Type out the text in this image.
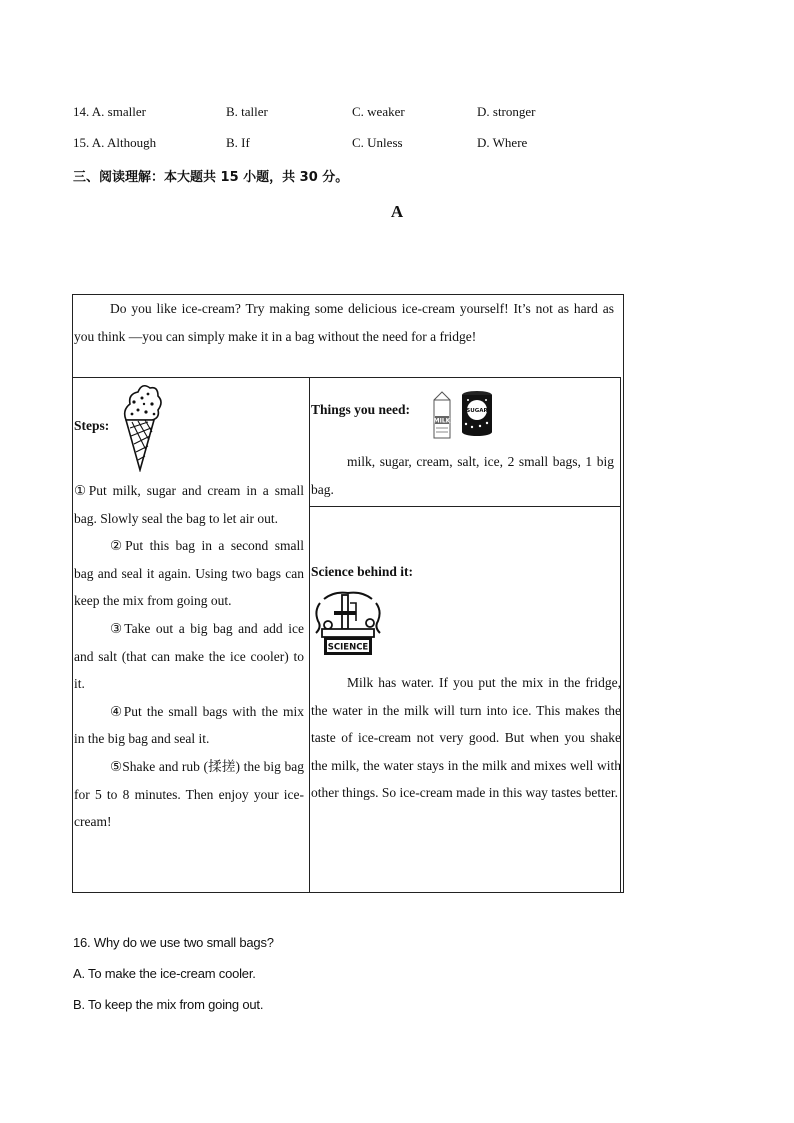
14. A. smaller	B. taller	C. weaker	D. stronger
15. A. Although	B. If	C. Unless	D. Where
三、阅读理解：本大题共 15 小题，共 30 分。
A
Do you like ice-cream? Try making some delicious ice-cream yourself! It’s not as hard as you think —you can simply make it in a bag without the need for a fridge!
Steps:

①Put milk, sugar and cream in a small bag. Slowly seal the bag to let air out.

②Put this bag in a second small bag and seal it again. Using two bags can keep the mix from going out.

③Take out a big bag and add ice and salt (that can make the ice cooler) to it.

④Put the small bags with the mix in the big bag and seal it.

⑤Shake and rub (揉搓) the big bag for 5 to 8 minutes. Then enjoy your ice-cream!

Things you need:
MILK
SUGAR
milk, sugar, cream, salt, ice, 2 small bags, 1 big bag.
Science behind it:
SCIENCE
Milk has water. If you put the mix in the fridge, the water in the milk will turn into ice. This makes the taste of ice-cream not very good. But when you shake the milk, the water stays in the milk and mixes well with other things. So ice-cream made in this way tastes better.
16. Why do we use two small bags?
A. To make the ice-cream cooler.
B. To keep the mix from going out.
